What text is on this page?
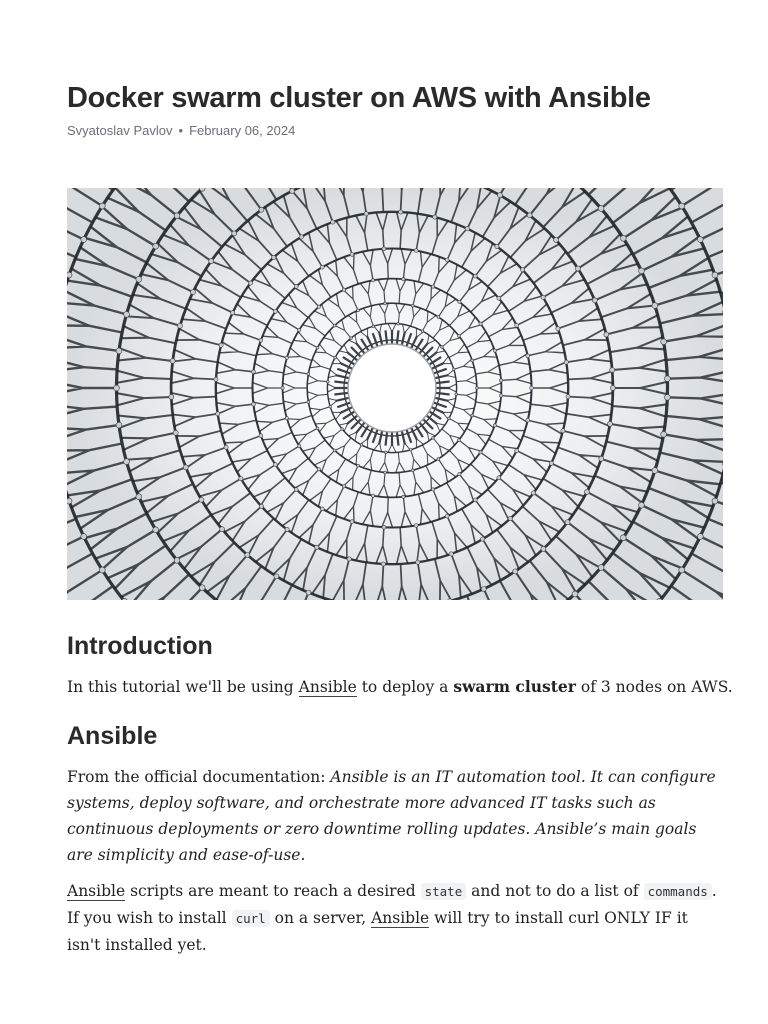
Docker swarm cluster on AWS with Ansible
Svyatoslav Pavlov • February 06, 2024
Introduction

In this tutorial we'll be using Ansible to deploy a swarm cluster of 3 nodes on AWS.

Ansible

From the official documentation: Ansible is an IT automation tool. It can configure systems, deploy software, and orchestrate more advanced IT tasks such as continuous deployments or zero downtime rolling updates. Ansible’s main goals are simplicity and ease-of-use.

Ansible scripts are meant to reach a desired state and not to do a list of commands . If you wish to install curl on a server, Ansible will try to install curl ONLY IF it isn't installed yet.
